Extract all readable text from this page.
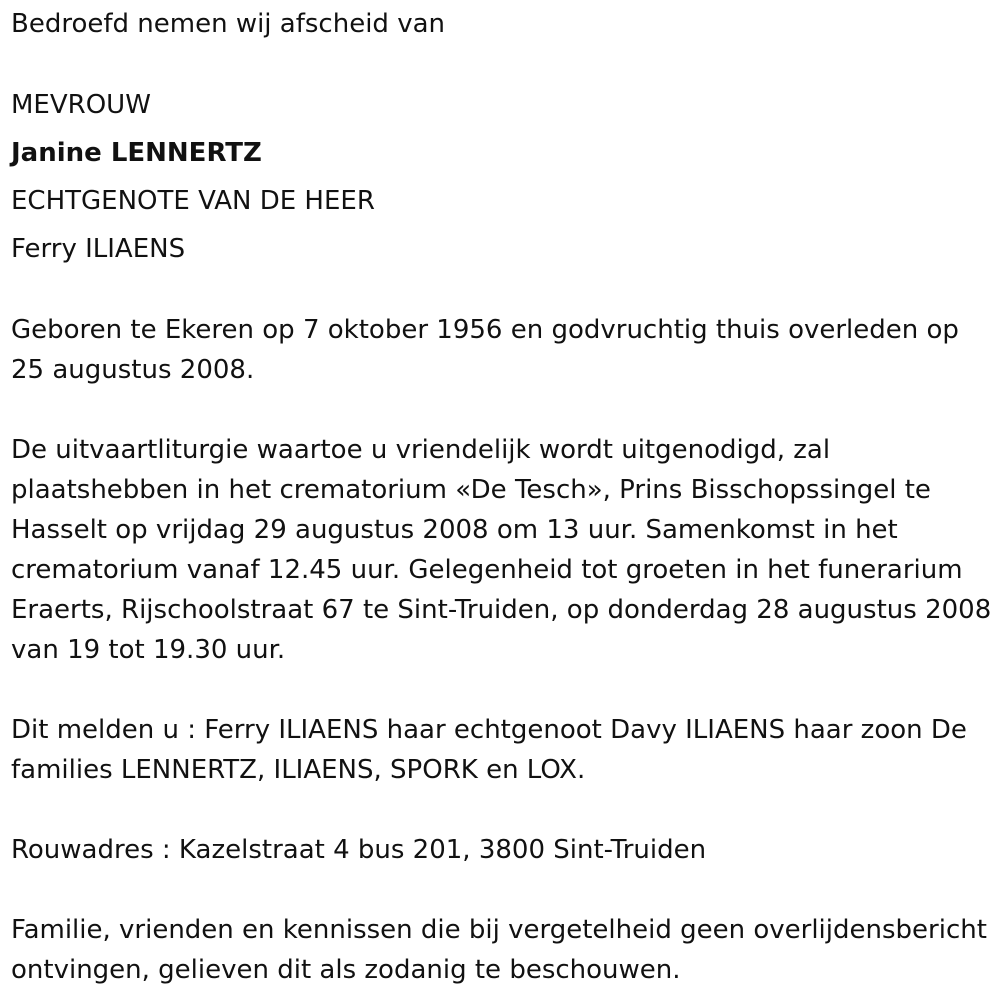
Bedroefd nemen wij afscheid van
MEVROUW
Janine LENNERTZ
ECHTGENOTE VAN DE HEER
Ferry ILIAENS
Geboren te Ekeren op 7 oktober 1956 en godvruchtig thuis overleden op 25 augustus 2008.
De uitvaartliturgie waartoe u vriendelijk wordt uitgenodigd, zal plaatshebben in het crematorium «De Tesch», Prins Bisschopssingel te Hasselt op vrijdag 29 augustus 2008 om 13 uur. Samenkomst in het crematorium vanaf 12.45 uur. Gelegenheid tot groeten in het funerarium Eraerts, Rijschoolstraat 67 te Sint-Truiden, op donderdag 28 augustus 2008 van 19 tot 19.30 uur.
Dit melden u : Ferry ILIAENS haar echtgenoot Davy ILIAENS haar zoon De families LENNERTZ, ILIAENS, SPORK en LOX.
Rouwadres : Kazelstraat 4 bus 201, 3800 Sint-Truiden
Familie, vrienden en kennissen die bij vergetelheid geen overlijdensbericht ontvingen, gelieven dit als zodanig te beschouwen.
